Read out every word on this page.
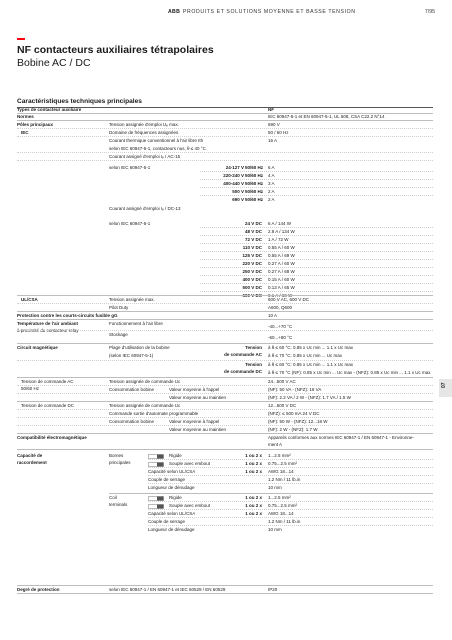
ABB PRODUITS ET SOLUTIONS MOYENNE ET BASSE TENSION	7/95
NF contacteurs auxiliaires tétrapolaires
Bobine AC / DC
Caractéristiques techniques principales
07
Types de contacteur auxiliaire	NF
Normes	IEC 60947-5-1 et EN 60947-5-1, UL 508, CSA C22.2 N°14
Pôles principaux
IEC
Tension assignée d'emploi Uₑ max.	690 V
Domaine de fréquences assignées	50 / 60 Hz
Courant thermique conventionnel à l'air libre Ith	16 A
selon IEC 60947-5-1, contacteurs nus, θ ≤ 40 °C
Courant assigné d'emploi Iₑ / AC-15
selon IEC 60947-5-1	24-127 V 50/60 Hz 6 A
220-240 V 50/60 Hz 4 A
400-440 V 50/60 Hz 3 A
500 V 50/60 Hz 2 A
690 V 50/60 Hz 2 A
Courant assigné d'emploi Iₑ / DC-13
selon IEC 60947-5-1	24 V DC 6 A / 144 W
48 V DC 2.8 A / 134 W
72 V DC 1 A / 72 W
110 V DC 0.55 A / 60 W
125 V DC 0.55 A / 69 W
220 V DC 0.27 A / 60 W
250 V DC 0.27 A / 68 W
400 V DC 0.15 A / 60 W
500 V DC 0.13 A / 65 W
600 V DC 0.1 A / 60 W
UL/CSA	Tension assignée max.	600 V AC, 600 V DC
Pilot Duty	A600, Q600
Protection contre les courts-circuits fusible gG	10 A
Température de l'air ambiant
à proximité du contacteur relay
Fonctionnement à l'air libre
-40...+70 °C
Stockage
-60...+80 °C
Circuit magnétique	Plage d'utilisation de la bobine
(selon IEC 60947-5-1)
Tension
de commande AC
à θ ≤ 60 °C: 0.85 x Uc min ... 1.1 x Uc max
à θ ≤ 70 °C: 0.85 x Uc min ... Uc max
Tension
de commande DC
à θ ≤ 60 °C: 0.85 x Uc min ... 1.1 x Uc max
à θ ≤ 70 °C (NF): 0.85 x Uc min ... Uc max - (NFZ): 0.85 x Uc min ... 1.1 x Uc max
Tension de commande AC
50/60 Hz
Tension assignée de commande Uc	24...500 V AC
Consommation bobine	Valeur moyenne à l'appel	(NF): 50 VA - (NFZ): 16 VA
Valeur moyenne au maintien	(NF): 2.2 VA / 2 W - (NFZ): 1.7 VA / 1.5 W
Tension de commande DC	Tension assignée de commande Uc	12...500 V DC
Commande sortie d'automate programmable	(NFZ): ≤ 500 mA 24 V DC
Consommation bobine	Valeur moyenne à l'appel	(NF): 50 W - (NFZ): 12...18 W
Valeur moyenne au maintien	(NF): 2 W - (NFZ): 1.7 W
Compatibilité électromagnétique	Appareils conformes aux normes IEC 60947-1 / EN 60947-1 - Environne-
ment A
Capacité de
raccordement
Bornes
principales
Rigide	1 ou 2 x 1...2.5 mm²
Souple avec embout	1 ou 2 x 0.75...2.5 mm²
Capacité selon UL/CSA	1 ou 2 x AWG 18...14
Couple de serrage	1.2 Nm / 11 lb.in
Longueur de dénudage	10 mm
Coil
terminals
Rigide	1 ou 2 x 1...2.5 mm²
Souple avec embout	1 ou 2 x 0.75...2.5 mm²
Capacité selon UL/CSA	1 ou 2 x AWG 18...14
Couple de serrage	1.2 Nm / 11 lb.in
Longueur de dénudage	10 mm
Degré de protection	selon IEC 60947-1 / EN 60947-1 et IEC 60529 / EN 60529	IP20
